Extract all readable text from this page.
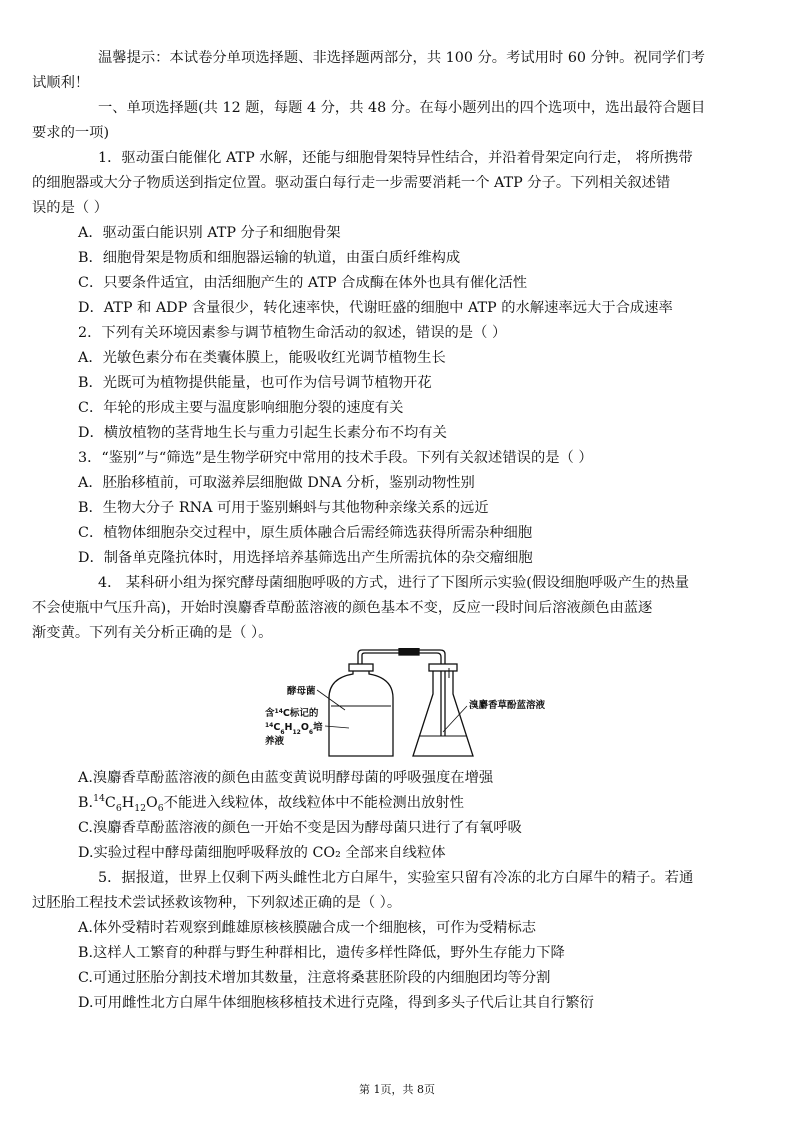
温馨提示：本试卷分单项选择题、非选择题两部分，共 100 分。考试用时 60 分钟。祝同学们考
试顺利！
一、单项选择题(共 12 题，每题 4 分，共 48 分。在每小题列出的四个选项中，选出最符合题目
要求的一项)
1．驱动蛋白能催化 ATP 水解，还能与细胞骨架特异性结合，并沿着骨架定向行走， 将所携带
的细胞器或大分子物质送到指定位置。驱动蛋白每行走一步需要消耗一个 ATP 分子。下列相关叙述错
误的是（ ）
A．驱动蛋白能识别 ATP 分子和细胞骨架
B．细胞骨架是物质和细胞器运输的轨道，由蛋白质纤维构成
C．只要条件适宜，由活细胞产生的 ATP 合成酶在体外也具有催化活性
D．ATP 和 ADP 含量很少，转化速率快，代谢旺盛的细胞中 ATP 的水解速率远大于合成速率
2．下列有关环境因素参与调节植物生命活动的叙述，错误的是（ ）
A．光敏色素分布在类囊体膜上，能吸收红光调节植物生长
B．光既可为植物提供能量，也可作为信号调节植物开花
C．年轮的形成主要与温度影响细胞分裂的速度有关
D．横放植物的茎背地生长与重力引起生长素分布不均有关
3．“鉴别”与“筛选”是生物学研究中常用的技术手段。下列有关叙述错误的是（ ）
A．胚胎移植前，可取滋养层细胞做 DNA 分析，鉴别动物性别
B．生物大分子 RNA 可用于鉴别蝌蚪与其他物种亲缘关系的远近
C．植物体细胞杂交过程中，原生质体融合后需经筛选获得所需杂种细胞
D．制备单克隆抗体时，用选择培养基筛选出产生所需抗体的杂交瘤细胞
4． 某科研小组为探究酵母菌细胞呼吸的方式，进行了下图所示实验(假设细胞呼吸产生的热量
不会使瓶中气压升高)，开始时溴麝香草酚蓝溶液的颜色基本不变，反应一段时间后溶液颜色由蓝逐
渐变黄。下列有关分析正确的是（ ）。
酵母菌
含$^{14}$C标记的
$^{14}C_6H_{12}O_6$培
养液
溴麝香草酚蓝溶液
A.溴麝香草酚蓝溶液的颜色由蓝变黄说明酵母菌的呼吸强度在增强
$B.^{14}C_6H_{12}O_6$不能进入线粒体，故线粒体中不能检测出放射性
C.溴麝香草酚蓝溶液的颜色一开始不变是因为酵母菌只进行了有氧呼吸
D.实验过程中酵母菌细胞呼吸释放的 CO₂ 全部来自线粒体
5．据报道，世界上仅剩下两头雌性北方白犀牛，实验室只留有冷冻的北方白犀牛的精子。若通
过胚胎工程技术尝试拯救该物种，下列叙述正确的是（ ）。
A.体外受精时若观察到雌雄原核核膜融合成一个细胞核，可作为受精标志
B.这样人工繁育的种群与野生种群相比，遗传多样性降低，野外生存能力下降
C.可通过胚胎分割技术增加其数量，注意将桑葚胚阶段的内细胞团均等分割
D.可用雌性北方白犀牛体细胞核移植技术进行克隆，得到多头子代后让其自行繁衍
第 1页，共 8页
